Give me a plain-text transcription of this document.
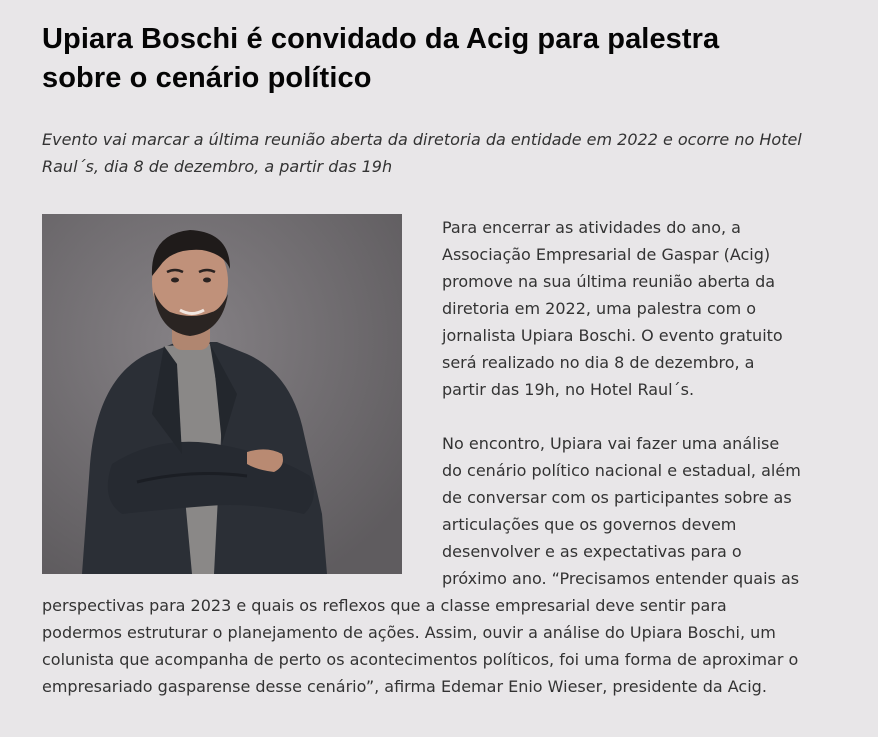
Upiara Boschi é convidado da Acig para palestra sobre o cenário político

Evento vai marcar a última reunião aberta da diretoria da entidade em 2022 e ocorre no Hotel Raul´s, dia 8 de dezembro, a partir das 19h

Para encerrar as atividades do ano, a Associação Empresarial de Gaspar (Acig) promove na sua última reunião aberta da diretoria em 2022, uma palestra com o jornalista Upiara Boschi. O evento gratuito será realizado no dia 8 de dezembro, a partir das 19h, no Hotel Raul´s.

No encontro, Upiara vai fazer uma análise do cenário político nacional e estadual, além de conversar com os participantes sobre as articulações que os governos devem desenvolver e as expectativas para o próximo ano. “Precisamos entender quais as perspectivas para 2023 e quais os reflexos que a classe empresarial deve sentir para podermos estruturar o planejamento de ações. Assim, ouvir a análise do Upiara Boschi, um colunista que acompanha de perto os acontecimentos políticos, foi uma forma de aproximar o empresariado gasparense desse cenário”, afirma Edemar Enio Wieser, presidente da Acig.
